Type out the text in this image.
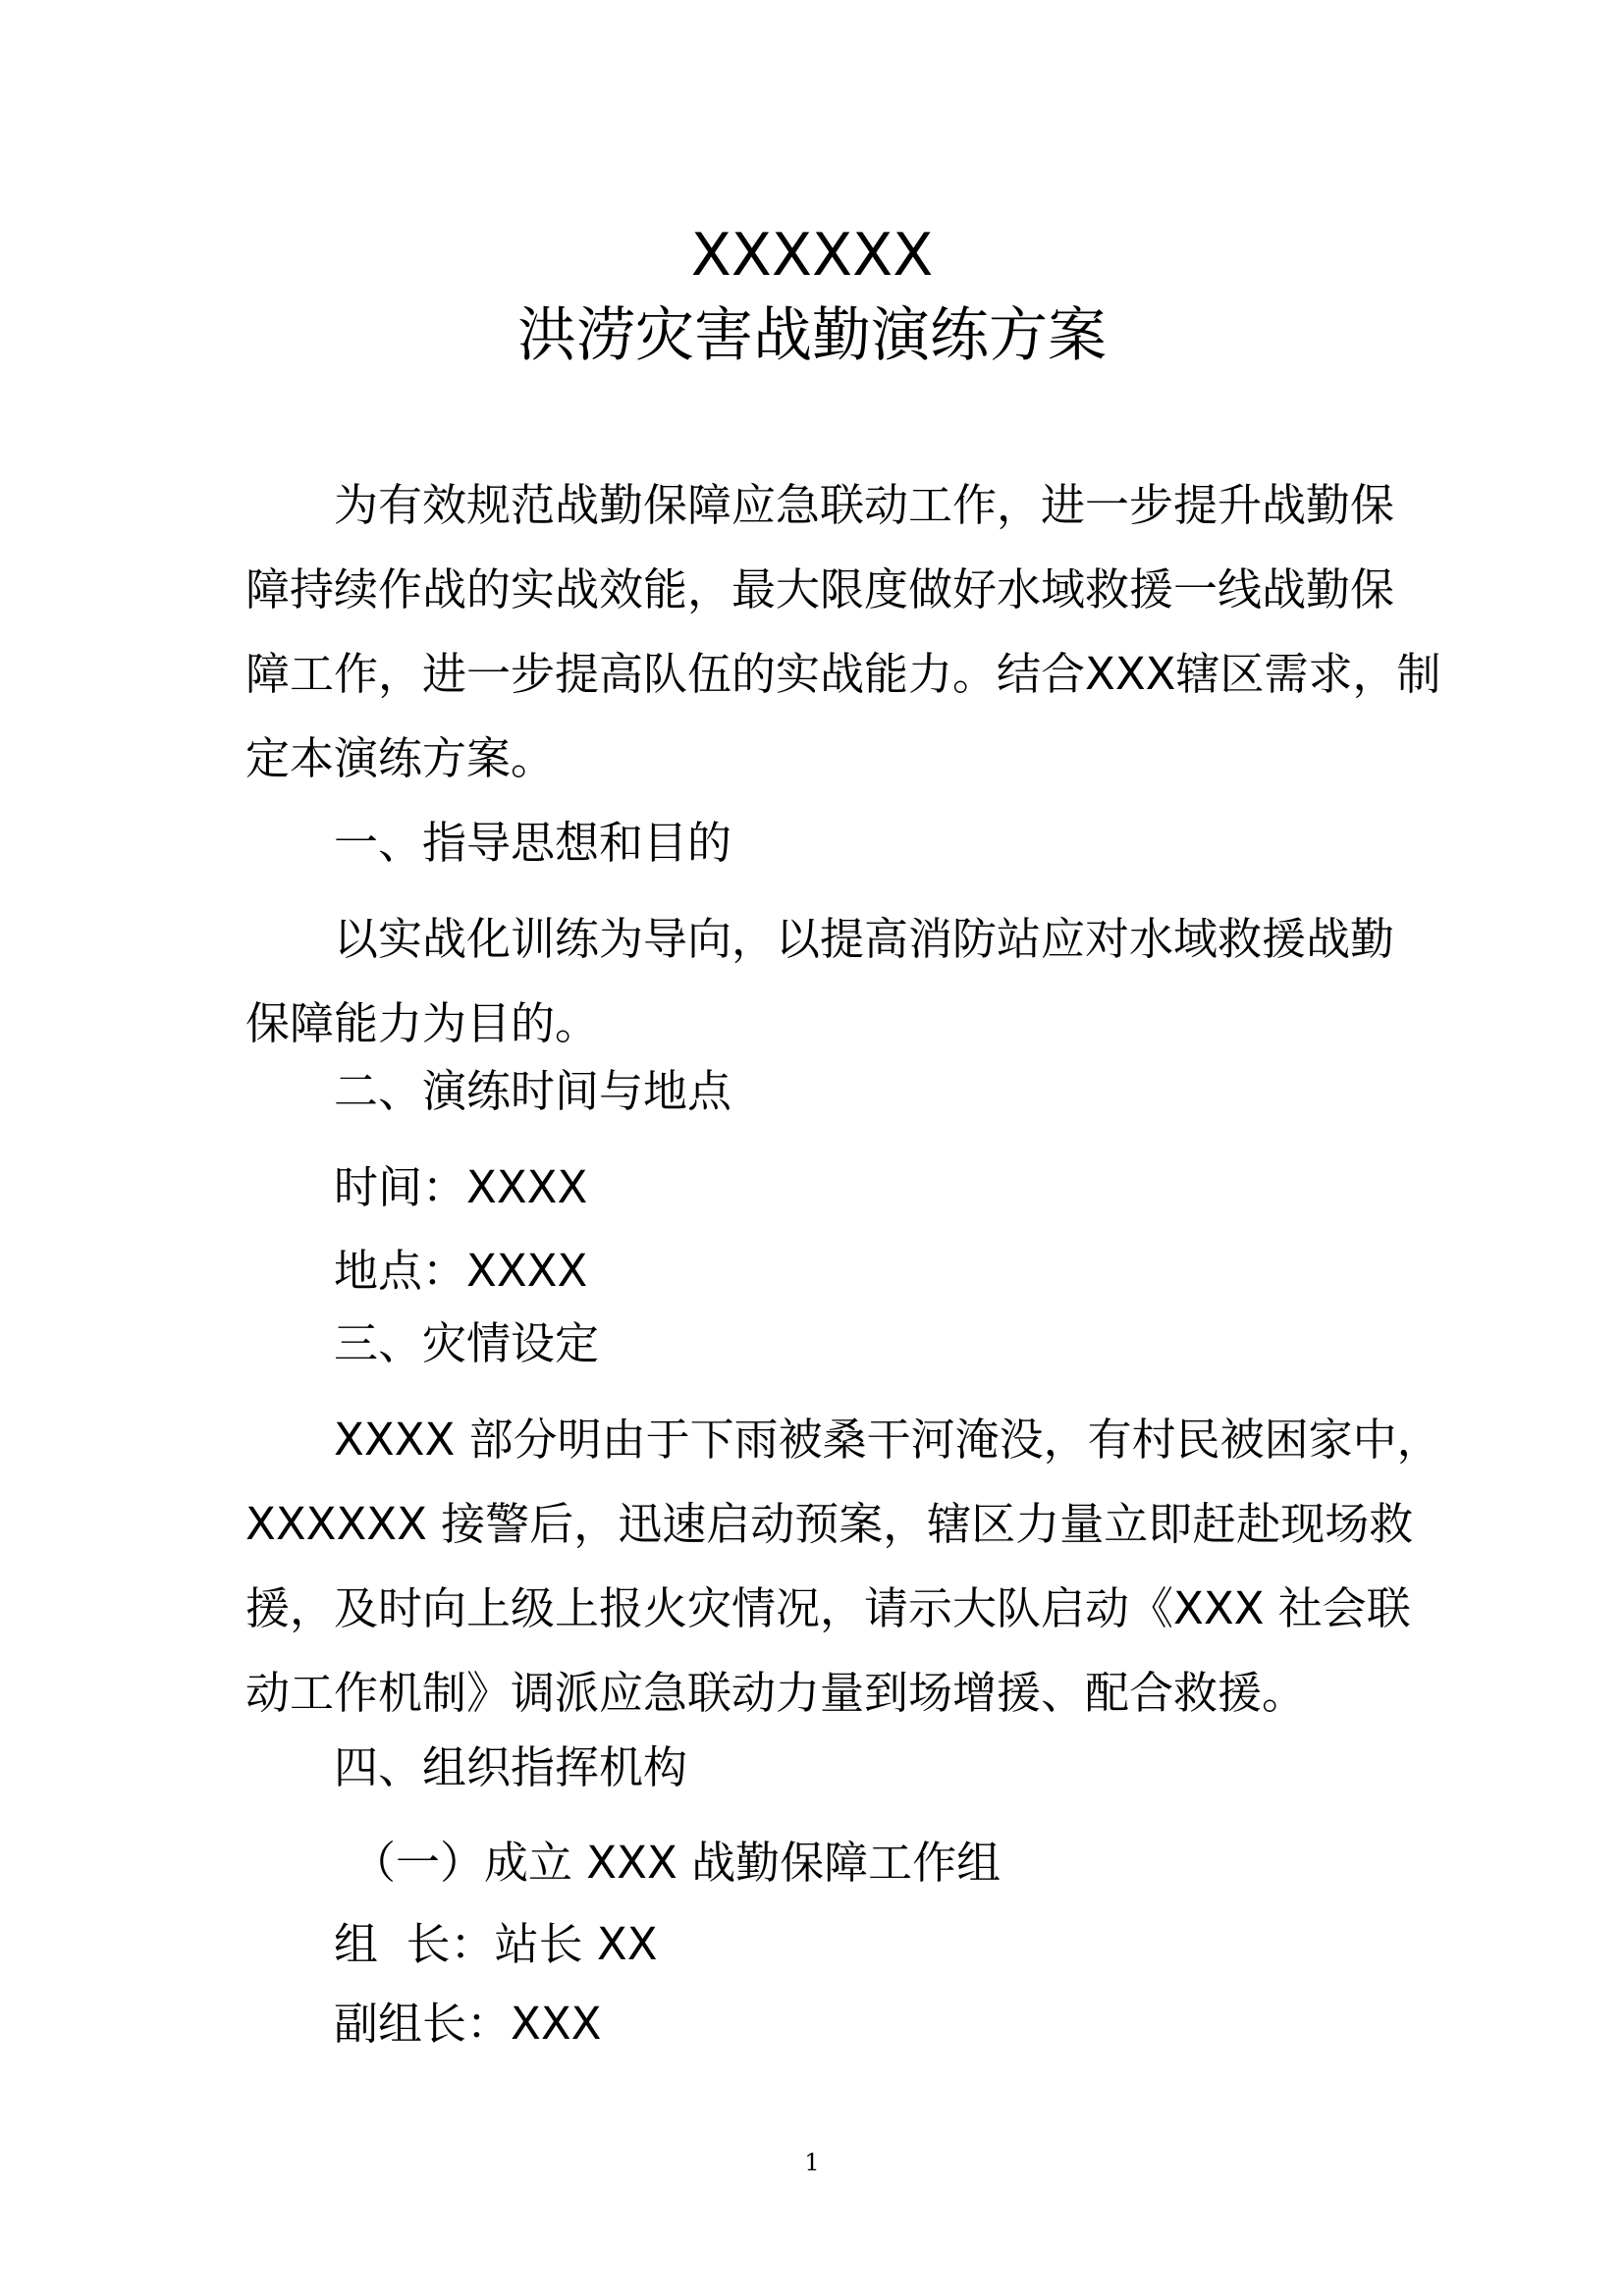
XXXXXX
洪涝灾害战勤演练方案
为有效规范战勤保障应急联动工作，进一步提升战勤保
障持续作战的实战效能，最大限度做好水域救援一线战勤保
障工作，进一步提高队伍的实战能力。结合XXX辖区需求，制
定本演练方案。
一、指导思想和目的
以实战化训练为导向，以提高消防站应对水域救援战勤
保障能力为目的。
二、演练时间与地点
时间：XXXX
地点：XXXX
三、灾情设定
XXXX 部分明由于下雨被桑干河淹没，有村民被困家中，
XXXXXX 接警后，迅速启动预案，辖区力量立即赶赴现场救
援，及时向上级上报火灾情况，请示大队启动《XXX 社会联
动工作机制》调派应急联动力量到场增援、配合救援。
四、组织指挥机构
（一）成立 XXX 战勤保障工作组
组  长：站长 XX
副组长：XXX
1
